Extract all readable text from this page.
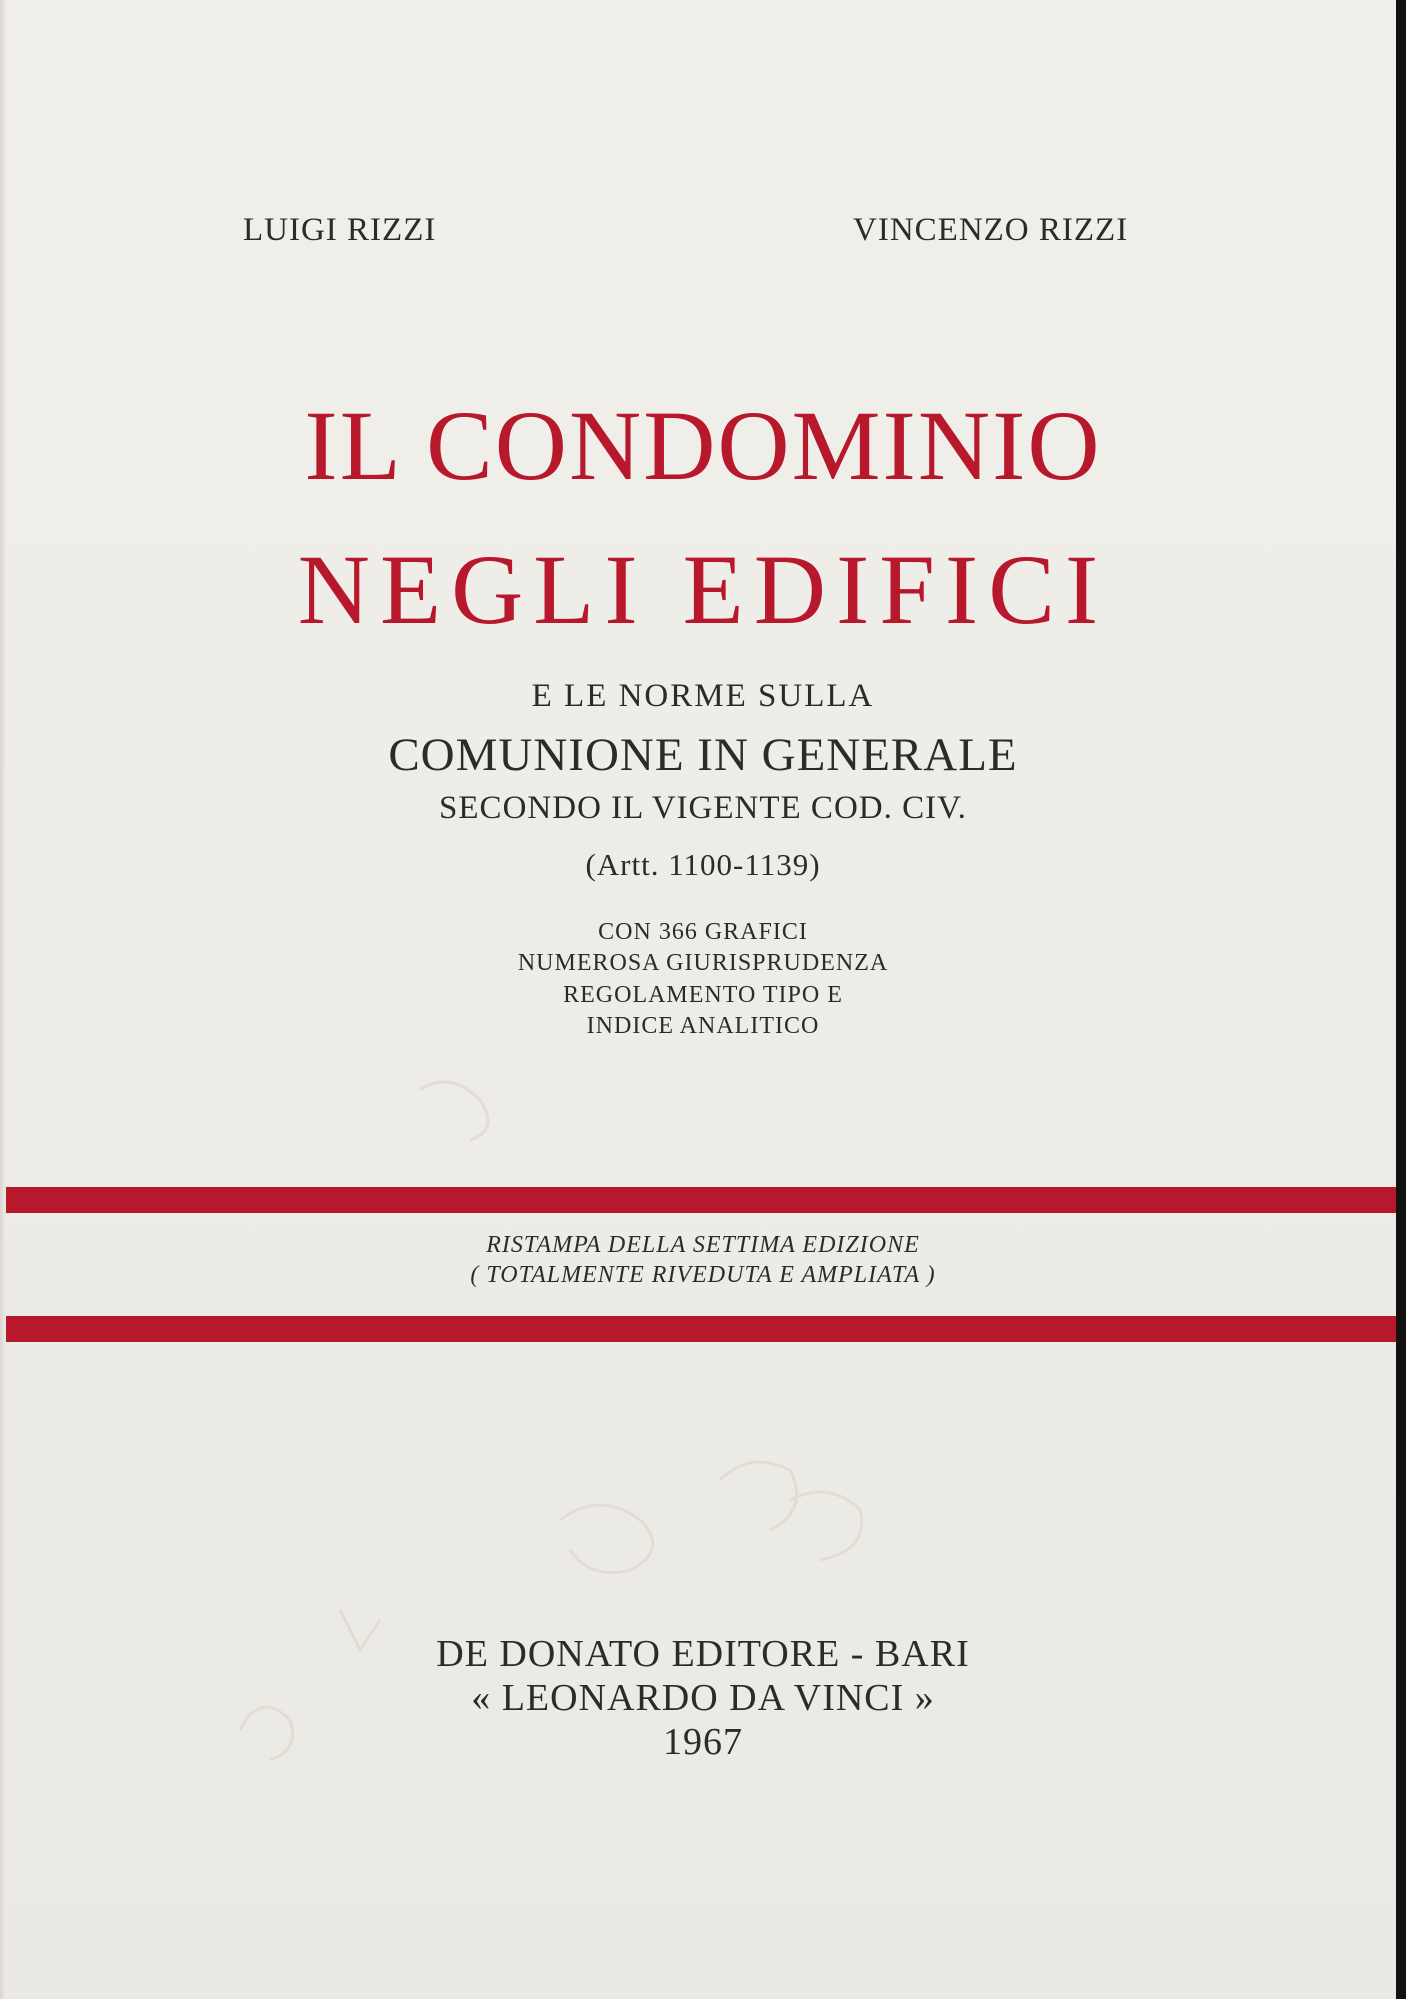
LUIGI RIZZI	VINCENZO RIZZI

IL CONDOMINIO

NEGLI EDIFICI

E LE NORME SULLA

COMUNIONE IN GENERALE

SECONDO IL VIGENTE COD. CIV.

(Artt. 1100-1139)

CON 366 GRAFICI

NUMEROSA GIURISPRUDENZA

REGOLAMENTO TIPO E

INDICE ANALITICO

RISTAMPA DELLA SETTIMA EDIZIONE

( TOTALMENTE RIVEDUTA E AMPLIATA )

DE DONATO EDITORE - BARI

« LEONARDO DA VINCI »

1967
